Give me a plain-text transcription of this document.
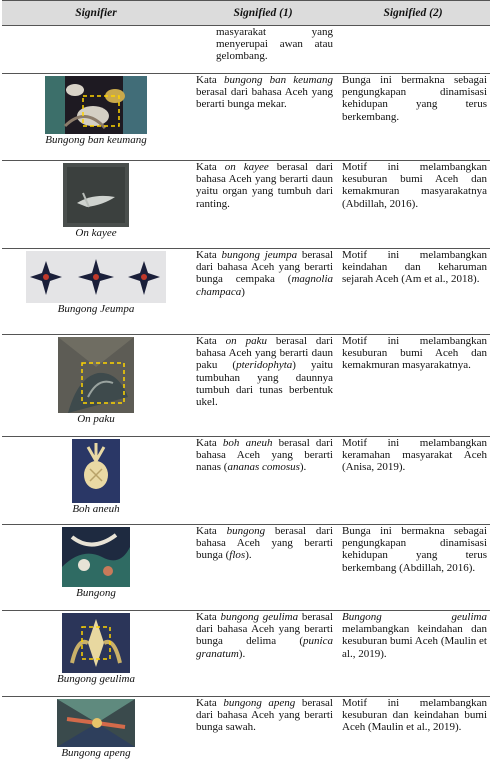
Signifier	Signified (1)	Signified (2)

	masyarakat yang menyerupai awan atau gelombang.	

Bungong ban keumang	Kata bungong ban keumang berasal dari bahasa Aceh yang berarti bunga mekar.	Bunga ini bermakna sebagai pengungkapan dinamisasi kehidupan yang terus berkembang.

On kayee	Kata on kayee berasal dari bahasa Aceh yang berarti daun yaitu organ yang tumbuh dari ranting.	Motif ini melambangkan kesuburan bumi Aceh dan kemakmuran masyarakatnya (Abdillah, 2016).

Bungong Jeumpa	Kata bungong jeumpa berasal dari bahasa Aceh yang berarti bunga cempaka (magnolia champaca)	Motif ini melambangkan keindahan dan keharuman sejarah Aceh (Am et al., 2018).

On paku	Kata on paku berasal dari bahasa Aceh yang berarti daun paku (pteridophyta) yaitu tumbuhan yang daunnya tumbuh dari tunas berbentuk ukel.	Motif ini melambangkan kesuburan bumi Aceh dan kemakmuran masyarakatnya.

Boh aneuh	Kata boh aneuh berasal dari bahasa Aceh yang berarti nanas (ananas comosus).	Motif ini melambangkan keramahan masyarakat Aceh (Anisa, 2019).

Bungong	Kata bungong berasal dari bahasa Aceh yang berarti bunga (flos).	Bunga ini bermakna sebagai pengungkapan dinamisasi kehidupan yang terus berkembang (Abdillah, 2016).

Bungong geulima	Kata bungong geulima berasal dari bahasa Aceh yang berarti bunga delima (punica granatum).	Bungong geulima melambangkan keindahan dan kesuburan bumi Aceh (Maulin et al., 2019).

Bungong apeng	Kata bungong apeng berasal dari bahasa Aceh yang berarti bunga sawah.	Motif ini melambangkan kesuburan dan keindahan bumi Aceh (Maulin et al., 2019).
